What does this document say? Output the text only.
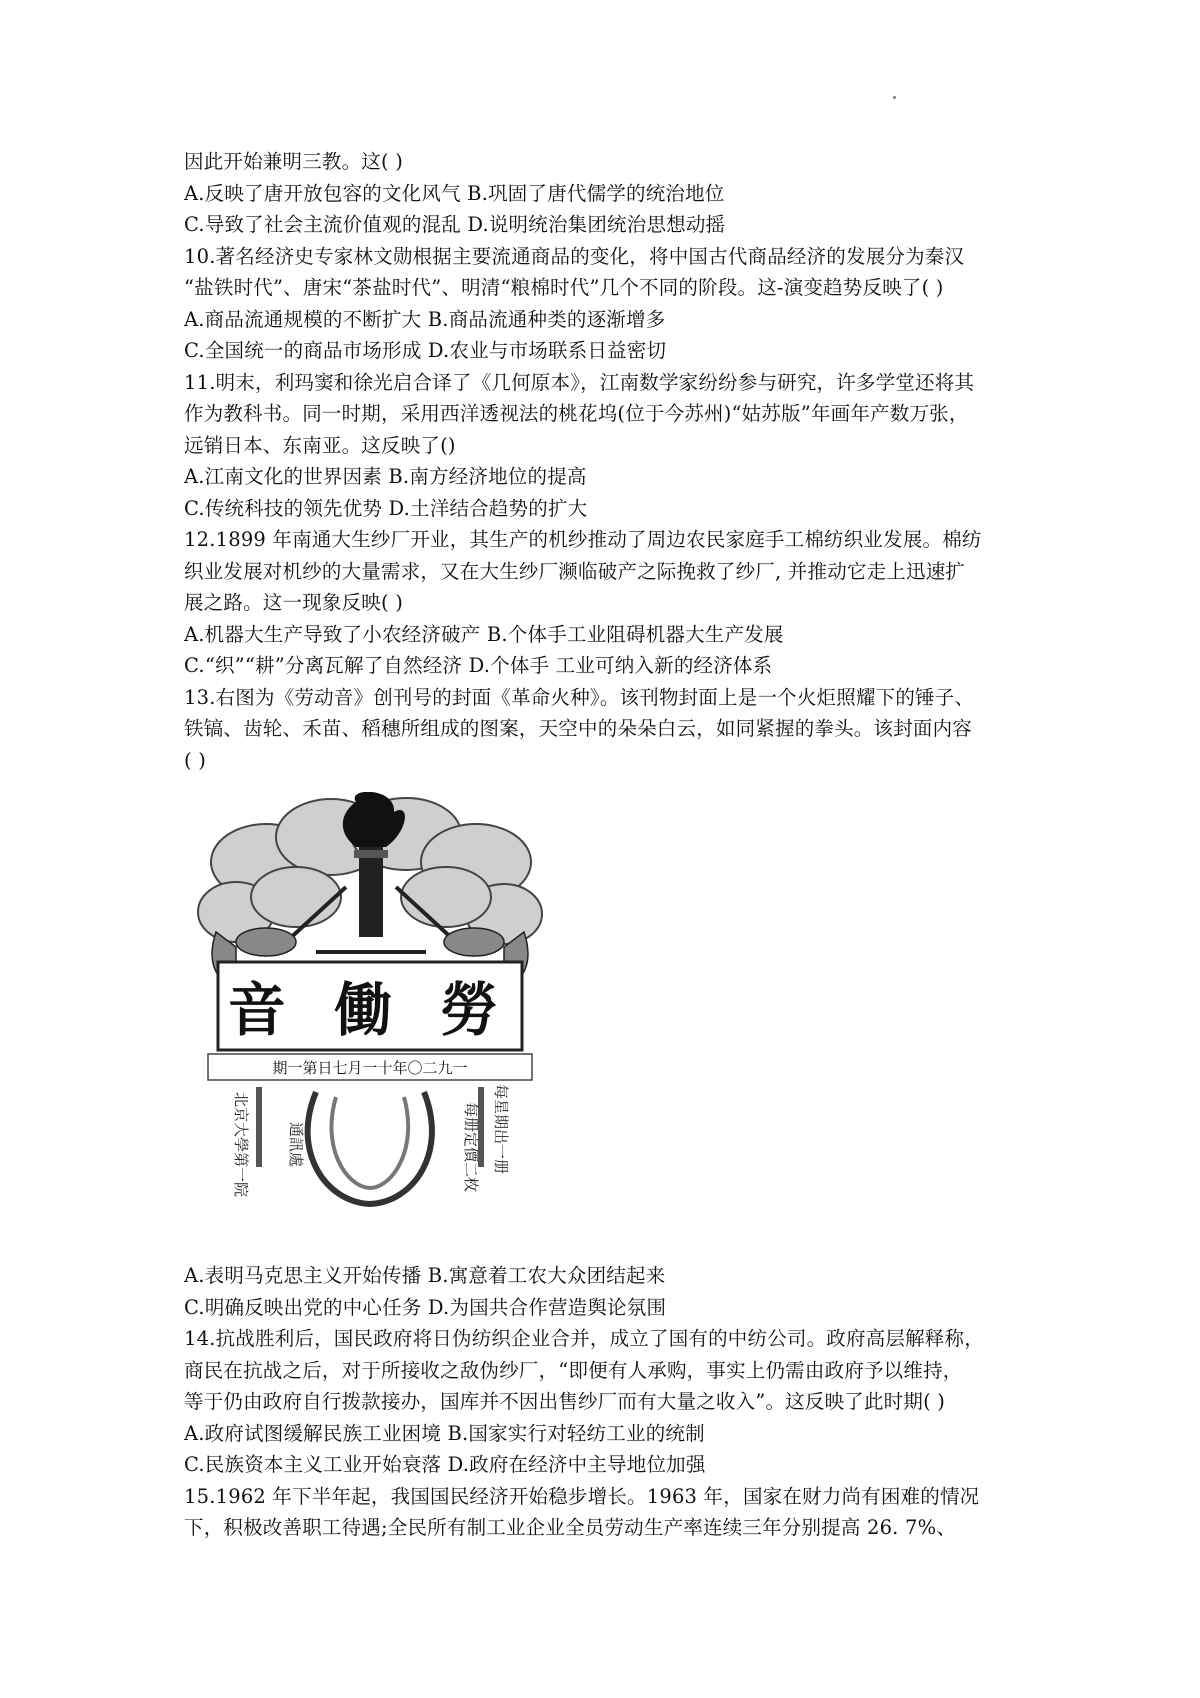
因此开始兼明三教。这( )

A.反映了唐开放包容的文化风气 B.巩固了唐代儒学的统治地位

C.导致了社会主流价值观的混乱 D.说明统治集团统治思想动摇

10.著名经济史专家林文勋根据主要流通商品的变化，将中国古代商品经济的发展分为秦汉

“盐铁时代”、唐宋“茶盐时代”、明清“粮棉时代”几个不同的阶段。这-演变趋势反映了( )

A.商品流通规模的不断扩大 B.商品流通种类的逐渐增多

C.全国统一的商品市场形成 D.农业与市场联系日益密切

11.明末，利玛窦和徐光启合译了《几何原本》，江南数学家纷纷参与研究，许多学堂还将其

作为教科书。同一时期，采用西洋透视法的桃花坞(位于今苏州)“姑苏版”年画年产数万张，

远销日本、东南亚。这反映了()

A.江南文化的世界因素 B.南方经济地位的提高

C.传统科技的领先优势 D.土洋结合趋势的扩大

12.1899 年南通大生纱厂开业，其生产的机纱推动了周边农民家庭手工棉纺织业发展。棉纺

织业发展对机纱的大量需求，又在大生纱厂濒临破产之际挽救了纱厂, 并推动它走上迅速扩

展之路。这一现象反映( )

A.机器大生产导致了小农经济破产 B.个体手工业阻碍机器大生产发展

C.“织”“耕”分离瓦解了自然经济 D.个体手 工业可纳入新的经济体系

13.右图为《劳动音》创刊号的封面《革命火种》。该刊物封面上是一个火炬照耀下的锤子、

铁镐、齿轮、禾苗、稻穗所组成的图案，天空中的朵朵白云，如同紧握的拳头。该封面内容

( )

音 働 勞
期一第日七月一十年〇二九一
北京大學第一院 通訊處	每星期出一册
每册定價二枚

A.表明马克思主义开始传播 B.寓意着工农大众团结起来

C.明确反映出党的中心任务 D.为国共合作营造舆论氛围

14.抗战胜利后，国民政府将日伪纺织企业合并，成立了国有的中纺公司。政府高层解释称，

商民在抗战之后，对于所接收之敌伪纱厂，“即便有人承购，事实上仍需由政府予以维持，

等于仍由政府自行拨款接办，国库并不因出售纱厂而有大量之收入”。这反映了此时期( )

A.政府试图缓解民族工业困境 B.国家实行对轻纺工业的统制

C.民族资本主义工业开始衰落 D.政府在经济中主导地位加强

15.1962 年下半年起，我国国民经济开始稳步增长。1963 年，国家在财力尚有困难的情况

下，积极改善职工待遇;全民所有制工业企业全员劳动生产率连续三年分别提高 26. 7%、
